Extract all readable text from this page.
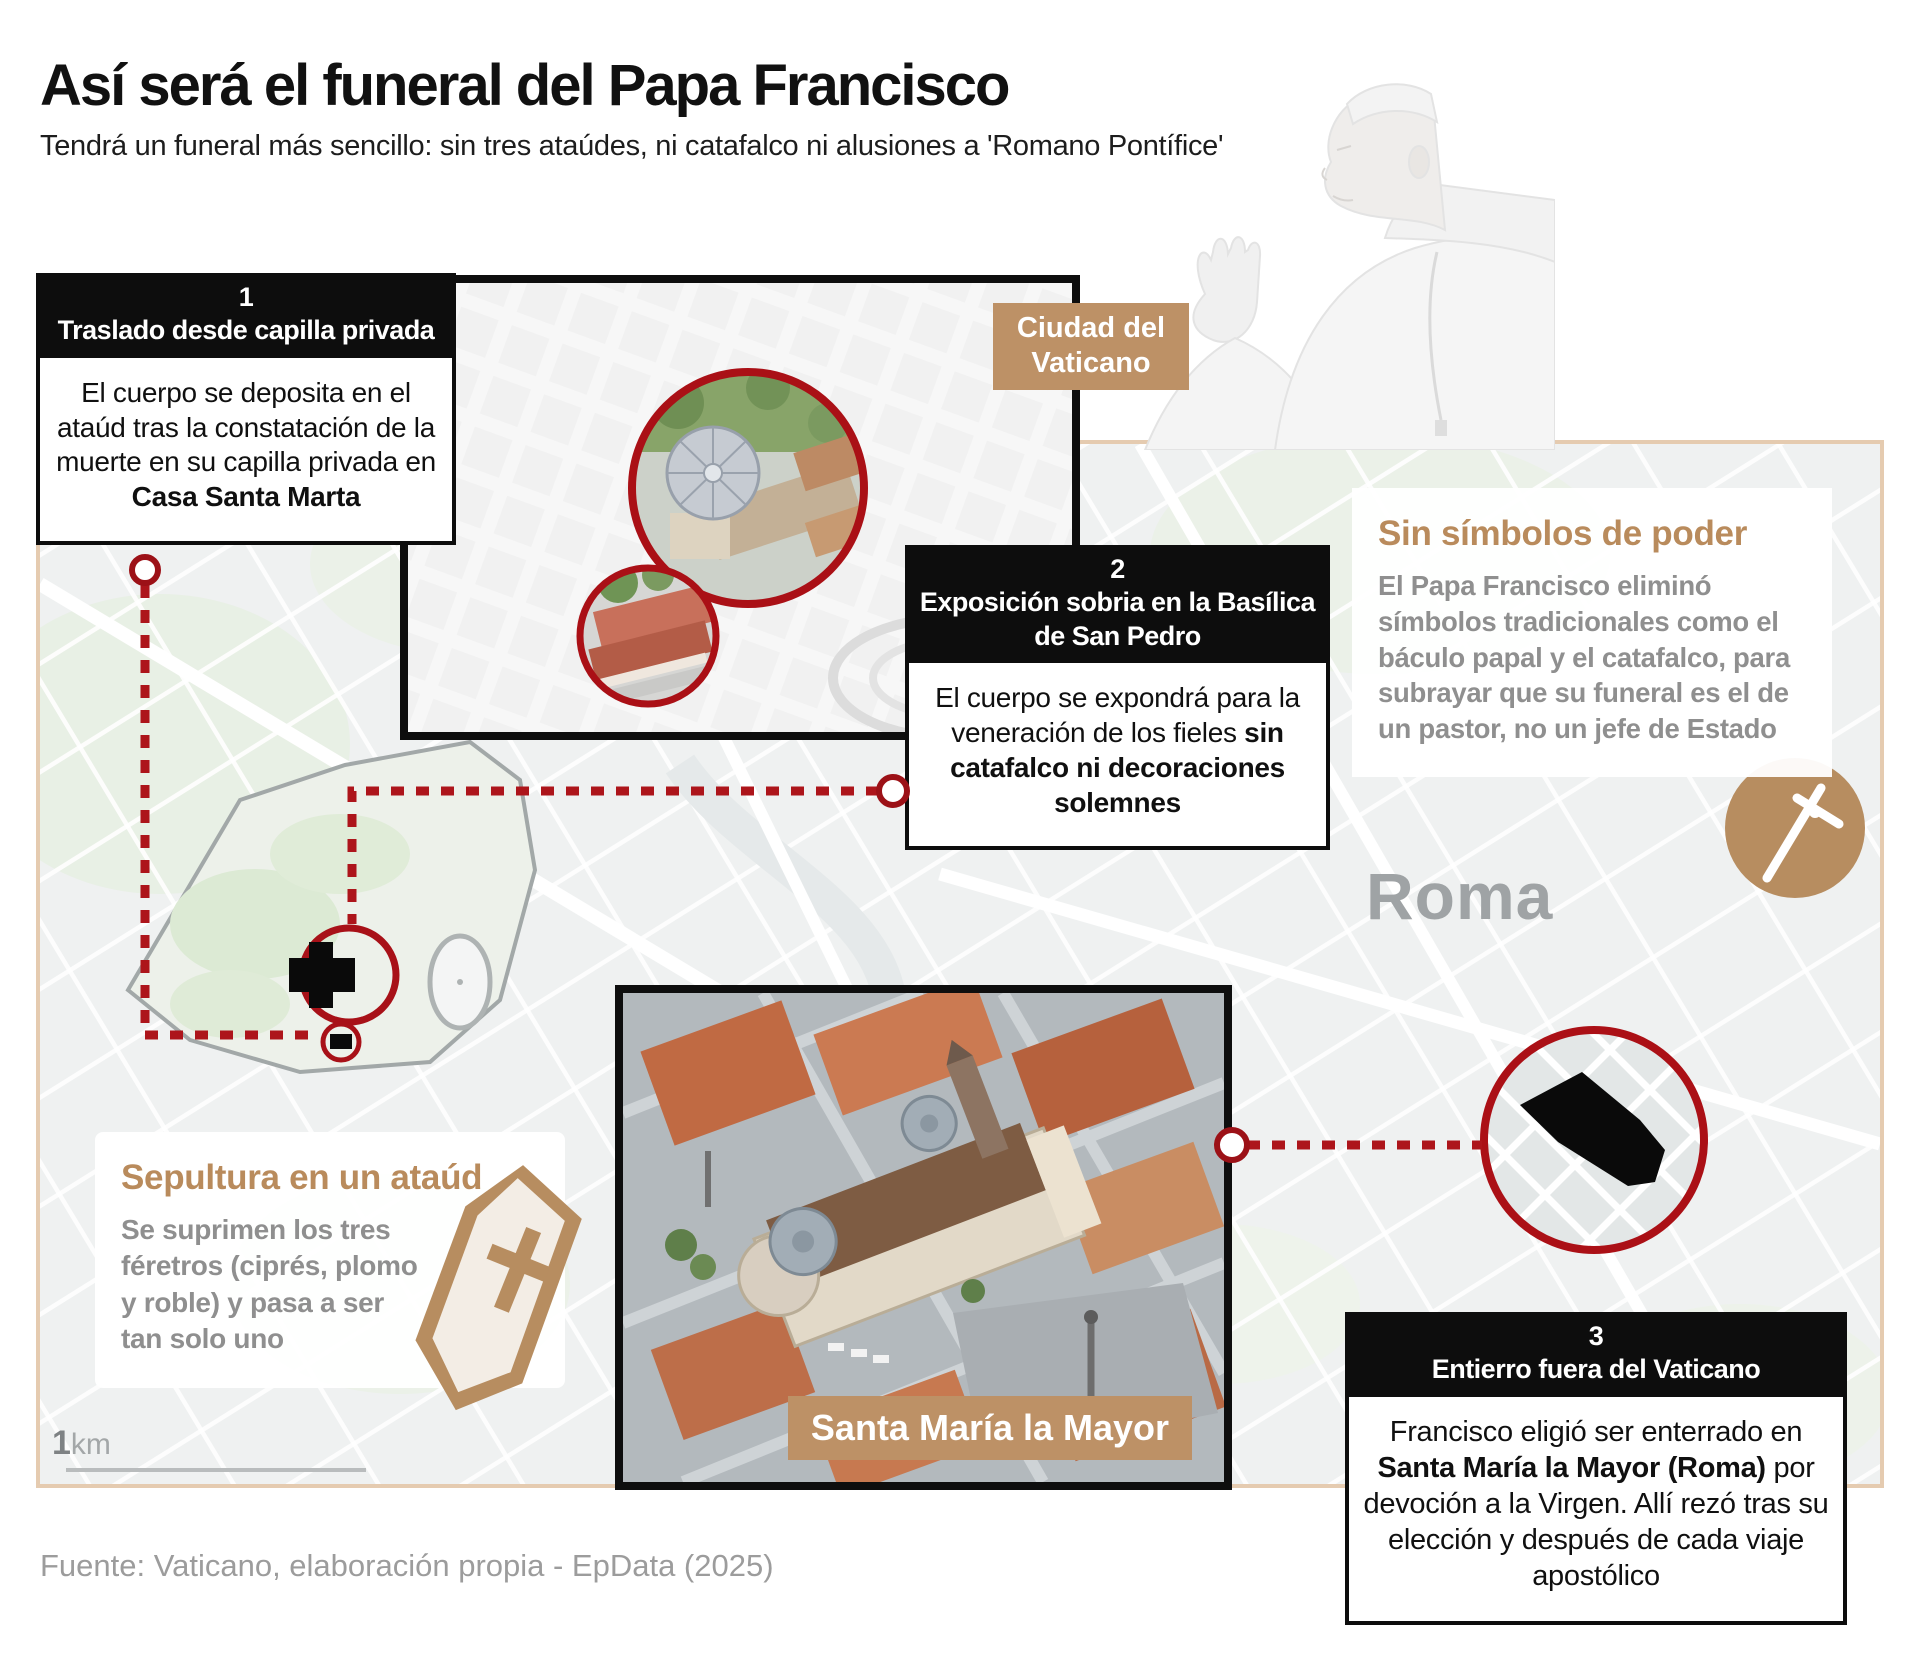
Roma
1km
Ciudad del Vaticano
Santa María la Mayor
1
Traslado desde capilla privada
El cuerpo se deposita en el ataúd tras la constatación de la muerte en su capilla privada en Casa Santa Marta
2
Exposición sobria en la Basílica de San Pedro
El cuerpo se expondrá para la veneración de los fieles sin catafalco ni decoraciones solemnes
3
Entierro fuera del Vaticano
Francisco eligió ser enterrado en Santa María la Mayor (Roma) por devoción a la Virgen. Allí rezó tras su elección y después de cada viaje apostólico
Sin símbolos de poder
El Papa Francisco eliminó símbolos tradicionales como el báculo papal y el catafalco, para subrayar que su funeral es el de un pastor, no un jefe de Estado
Sepultura en un ataúd
Se suprimen los tres féretros (ciprés, plomo y roble) y pasa a ser tan solo uno
Así será el funeral del Papa Francisco
Tendrá un funeral más sencillo: sin tres ataúdes, ni catafalco ni alusiones a 'Romano Pontífice'
Fuente: Vaticano, elaboración propia - EpData (2025)
